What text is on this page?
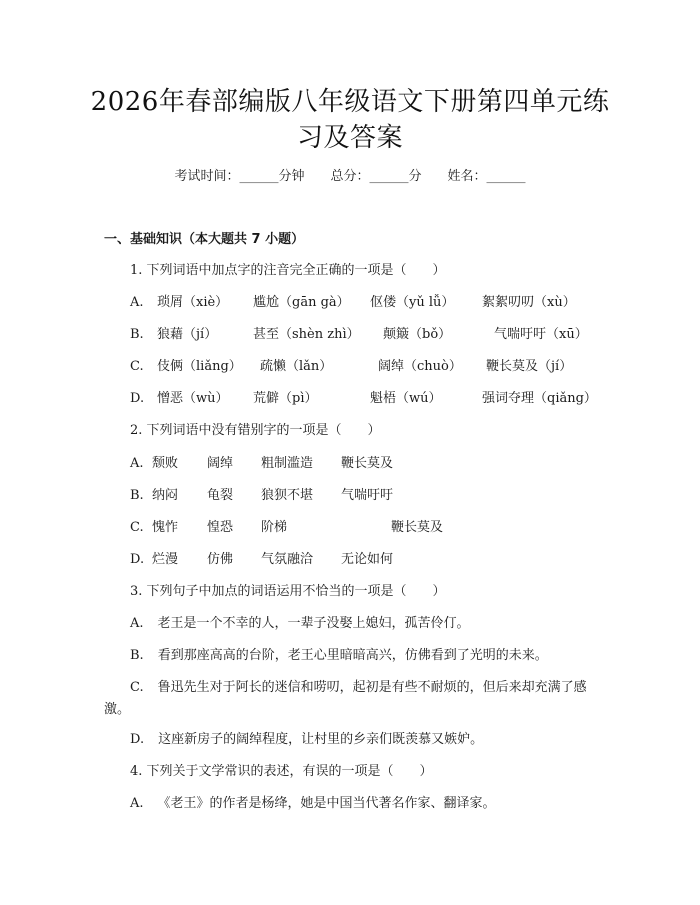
2026年春部编版八年级语文下册第四单元练
习及答案
考试时间：______分钟 总分：______分 姓名：______
一、基础知识（本大题共 7 小题）
1. 下列词语中加点字的注音完全正确的一项是（　　）
A. 琐屑（xiè） 尴尬（gān gà） 伛偻（yǔ lǚ） 絮絮叨叨（xù）
B. 狼藉（jí）	甚至（shèn zhì） 颠簸（bǒ）	气喘吁吁（xū）
C. 伎俩（liǎng） 疏懒（lǎn）	阔绰（chuò） 鞭长莫及（jí）
D. 憎恶（wù） 荒僻（pì）	魁梧（wú）	强词夺理（qiǎng）
2. 下列词语中没有错别字的一项是（　　）
A. 颓败 阔绰 粗制滥造 鞭长莫及
B. 纳闷 龟裂 狼狈不堪 气喘吁吁
C. 愧怍 惶恐 阶梯	鞭长莫及
D. 烂漫 仿佛 气氛融洽 无论如何
3. 下列句子中加点的词语运用不恰当的一项是（　　）
A. 老王是一个不幸的人，一辈子没娶上媳妇，孤苦伶仃。
B. 看到那座高高的台阶，老王心里暗暗高兴，仿佛看到了光明的未来。
C. 鲁迅先生对于阿长的迷信和唠叨，起初是有些不耐烦的，但后来却充满了感激。
D. 这座新房子的阔绰程度，让村里的乡亲们既羡慕又嫉妒。
4. 下列关于文学常识的表述，有误的一项是（　　）
A. 《老王》的作者是杨绛，她是中国当代著名作家、翻译家。
